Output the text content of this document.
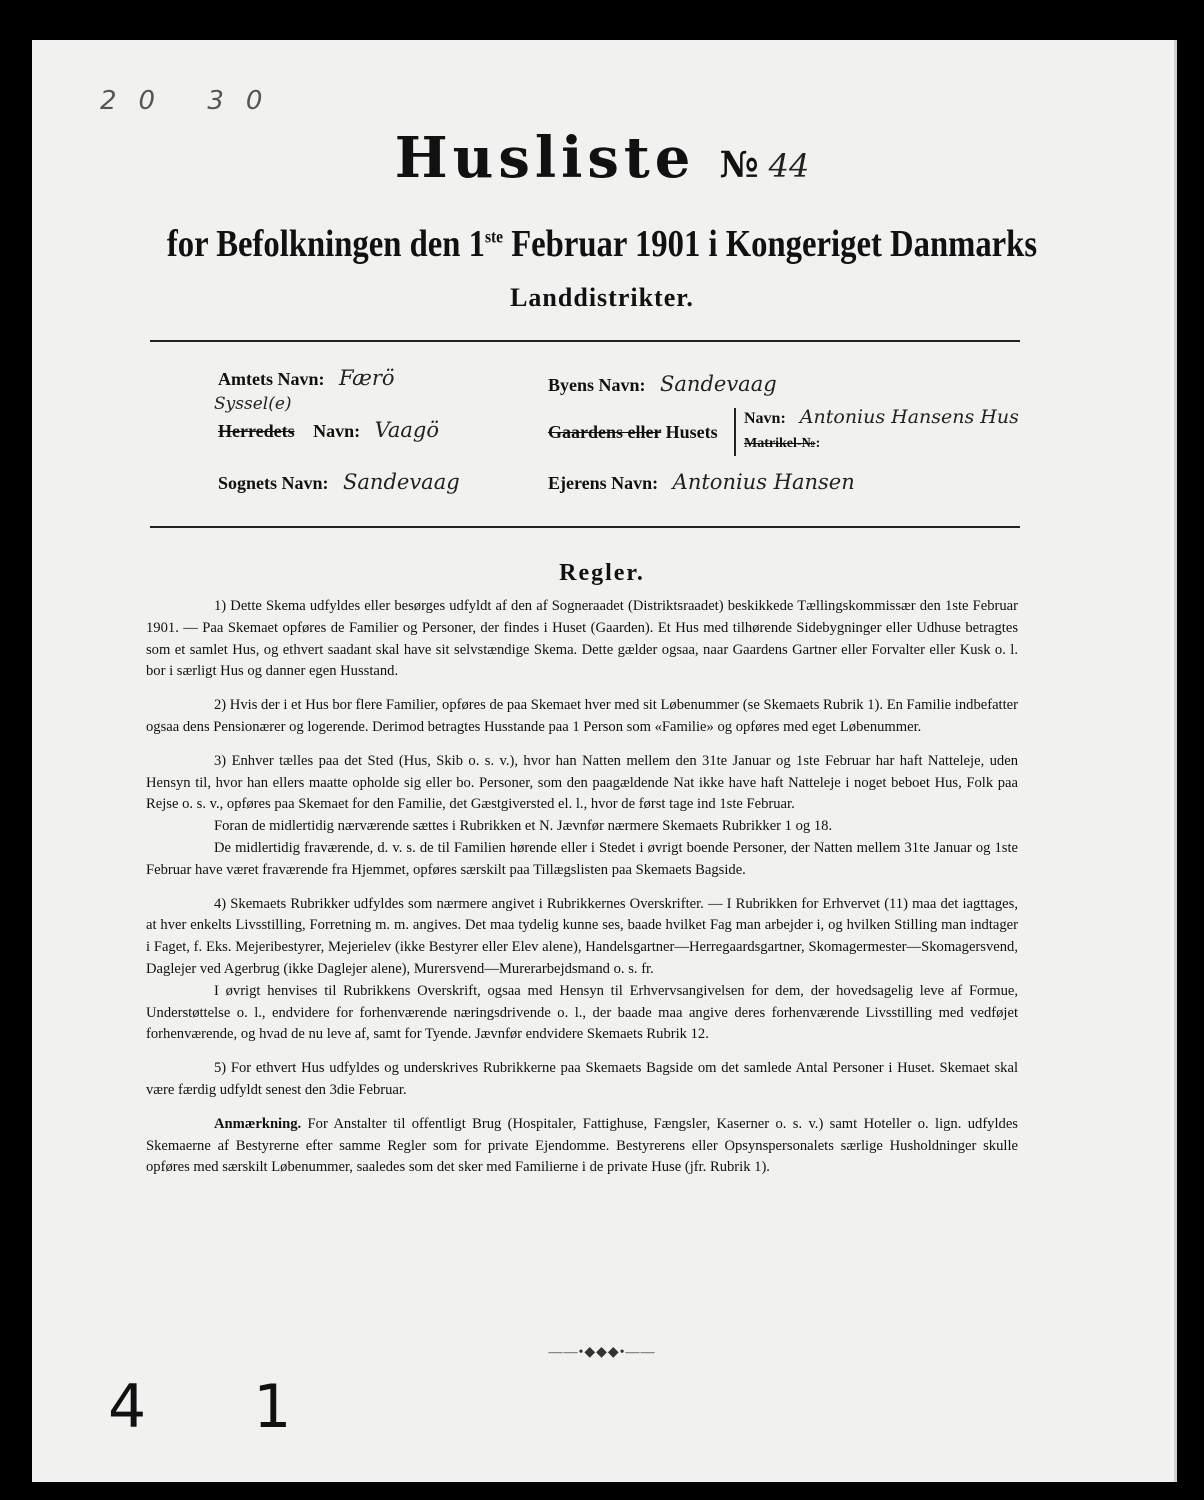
20 30
Husliste № 44
for Befolkningen den 1ste Februar 1901 i Kongeriget Danmarks
Landdistrikter.
Amtets Navn: Færö
Syssel(e)
Herredets Navn: Vaagö
Sognets Navn: Sandevaag
Byens Navn: Sandevaag
Gaardens eller Husets
Navn: Antonius Hansens Hus
Matrikel-№:
Ejerens Navn: Antonius Hansen
Regler.

1) Dette Skema udfyldes eller besørges udfyldt af den af Sogneraadet (Distriktsraadet) beskikkede Tællingskommissær den 1ste Februar 1901. — Paa Skemaet opføres de Familier og Personer, der findes i Huset (Gaarden). Et Hus med tilhørende Sidebygninger eller Udhuse betragtes som et samlet Hus, og ethvert saadant skal have sit selvstændige Skema. Dette gælder ogsaa, naar Gaardens Gartner eller Forvalter eller Kusk o. l. bor i særligt Hus og danner egen Husstand.

2) Hvis der i et Hus bor flere Familier, opføres de paa Skemaet hver med sit Løbenummer (se Skemaets Rubrik 1). En Familie indbefatter ogsaa dens Pensionærer og logerende. Derimod betragtes Husstande paa 1 Person som «Familie» og opføres med eget Løbenummer.

3) Enhver tælles paa det Sted (Hus, Skib o. s. v.), hvor han Natten mellem den 31te Januar og 1ste Februar har haft Natteleje, uden Hensyn til, hvor han ellers maatte opholde sig eller bo. Personer, som den paagældende Nat ikke have haft Natteleje i noget beboet Hus, Folk paa Rejse o. s. v., opføres paa Skemaet for den Familie, det Gæstgiversted el. l., hvor de først tage ind 1ste Februar.

Foran de midlertidig nærværende sættes i Rubrikken et N. Jævnfør nærmere Skemaets Rubrikker 1 og 18.

De midlertidig fraværende, d. v. s. de til Familien hørende eller i Stedet i øvrigt boende Personer, der Natten mellem 31te Januar og 1ste Februar have været fraværende fra Hjemmet, opføres særskilt paa Tillægslisten paa Skemaets Bagside.

4) Skemaets Rubrikker udfyldes som nærmere angivet i Rubrikkernes Overskrifter. — I Rubrikken for Erhvervet (11) maa det iagttages, at hver enkelts Livsstilling, Forretning m. m. angives. Det maa tydelig kunne ses, baade hvilket Fag man arbejder i, og hvilken Stilling man indtager i Faget, f. Eks. Mejeribestyrer, Mejerielev (ikke Bestyrer eller Elev alene), Handelsgartner—Herregaardsgartner, Skomagermester—Skomagersvend, Daglejer ved Agerbrug (ikke Daglejer alene), Murersvend—Murerarbejdsmand o. s. fr.

I øvrigt henvises til Rubrikkens Overskrift, ogsaa med Hensyn til Erhvervsangivelsen for dem, der hovedsagelig leve af Formue, Understøttelse o. l., endvidere for forhenværende næringsdrivende o. l., der baade maa angive deres forhenværende Livsstilling med vedføjet forhenværende, og hvad de nu leve af, samt for Tyende. Jævnfør endvidere Skemaets Rubrik 12.

5) For ethvert Hus udfyldes og underskrives Rubrikkerne paa Skemaets Bagside om det samlede Antal Personer i Huset. Skemaet skal være færdig udfyldt senest den 3die Februar.

Anmærkning. For Anstalter til offentligt Brug (Hospitaler, Fattighuse, Fængsler, Kaserner o. s. v.) samt Hoteller o. lign. udfyldes Skemaerne af Bestyrerne efter samme Regler som for private Ejendomme. Bestyrerens eller Opsynspersonalets særlige Husholdninger skulle opføres med særskilt Løbenummer, saaledes som det sker med Familierne i de private Huse (jfr. Rubrik 1).

——•◆◆◆•——
4 1
